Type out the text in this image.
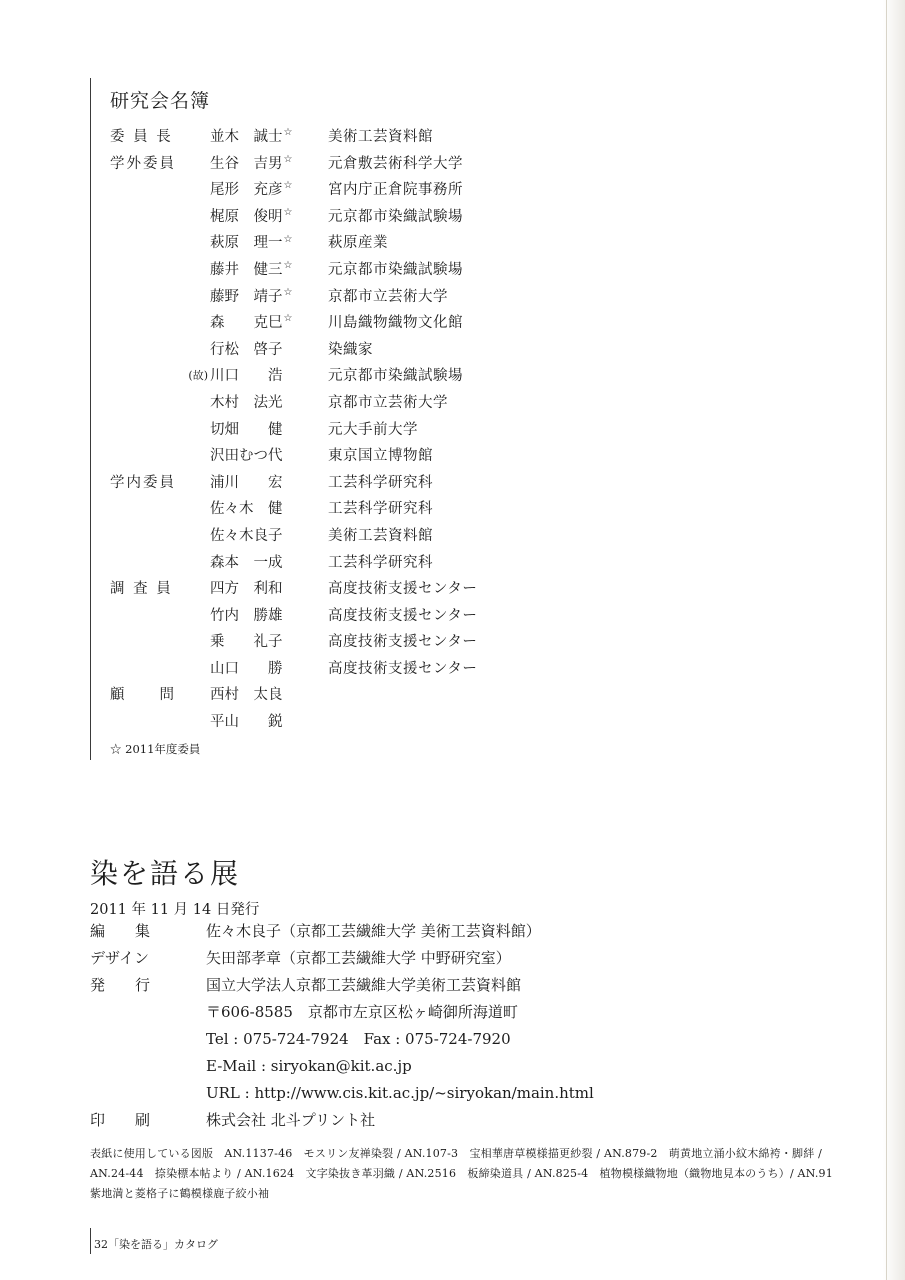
研究会名簿
委 員 長	並木　誠士☆	美術工芸資料館
学外委員	生谷　吉男☆	元倉敷芸術科学大学
尾形　充彦☆	宮内庁正倉院事務所
梶原　俊明☆	元京都市染織試験場
萩原　理一☆	萩原産業
藤井　健三☆	元京都市染織試験場
藤野　靖子☆	京都市立芸術大学
森　　克巳☆	川島織物織物文化館
行松　啓子	染織家
(故) 川口　　浩	元京都市染織試験場
木村　法光	京都市立芸術大学
切畑　　健	元大手前大学
沢田むつ代	東京国立博物館
学内委員	浦川　　宏	工芸科学研究科
佐々木　健	工芸科学研究科
佐々木良子	美術工芸資料館
森本　一成	工芸科学研究科
調 査 員	四方　利和	高度技術支援センター
竹内　勝雄	高度技術支援センター
乗　　礼子	高度技術支援センター
山口　　勝	高度技術支援センター
顧　　問	西村　太良
平山　　鋭
☆ 2011年度委員
染を語る展
2011 年 11 月 14 日発行
編　　集	佐々木良子（京都工芸繊維大学 美術工芸資料館）
デザイン	矢田部孝章（京都工芸繊維大学 中野研究室）
発　　行	国立大学法人京都工芸繊維大学美術工芸資料館
〒606-8585　京都市左京区松ヶ崎御所海道町
Tel : 075-724-7924　Fax : 075-724-7920
E-Mail : siryokan@kit.ac.jp
URL : http://www.cis.kit.ac.jp/~siryokan/main.html
印　　刷	株式会社 北斗プリント社
表紙に使用している図版　AN.1137-46　モスリン友禅染裂 / AN.107-3　宝相華唐草模様描更紗裂 / AN.879-2　萌黄地立涌小紋木綿袴・脚絆 / AN.24-44　捺染標本帖より / AN.1624　文字染抜き革羽織 / AN.2516　板締染道具 / AN.825-4　植物模様織物地（織物地見本のうち）/ AN.91　紫地満と菱格子に鶴模様鹿子絞小袖
32「染を語る」カタログ
